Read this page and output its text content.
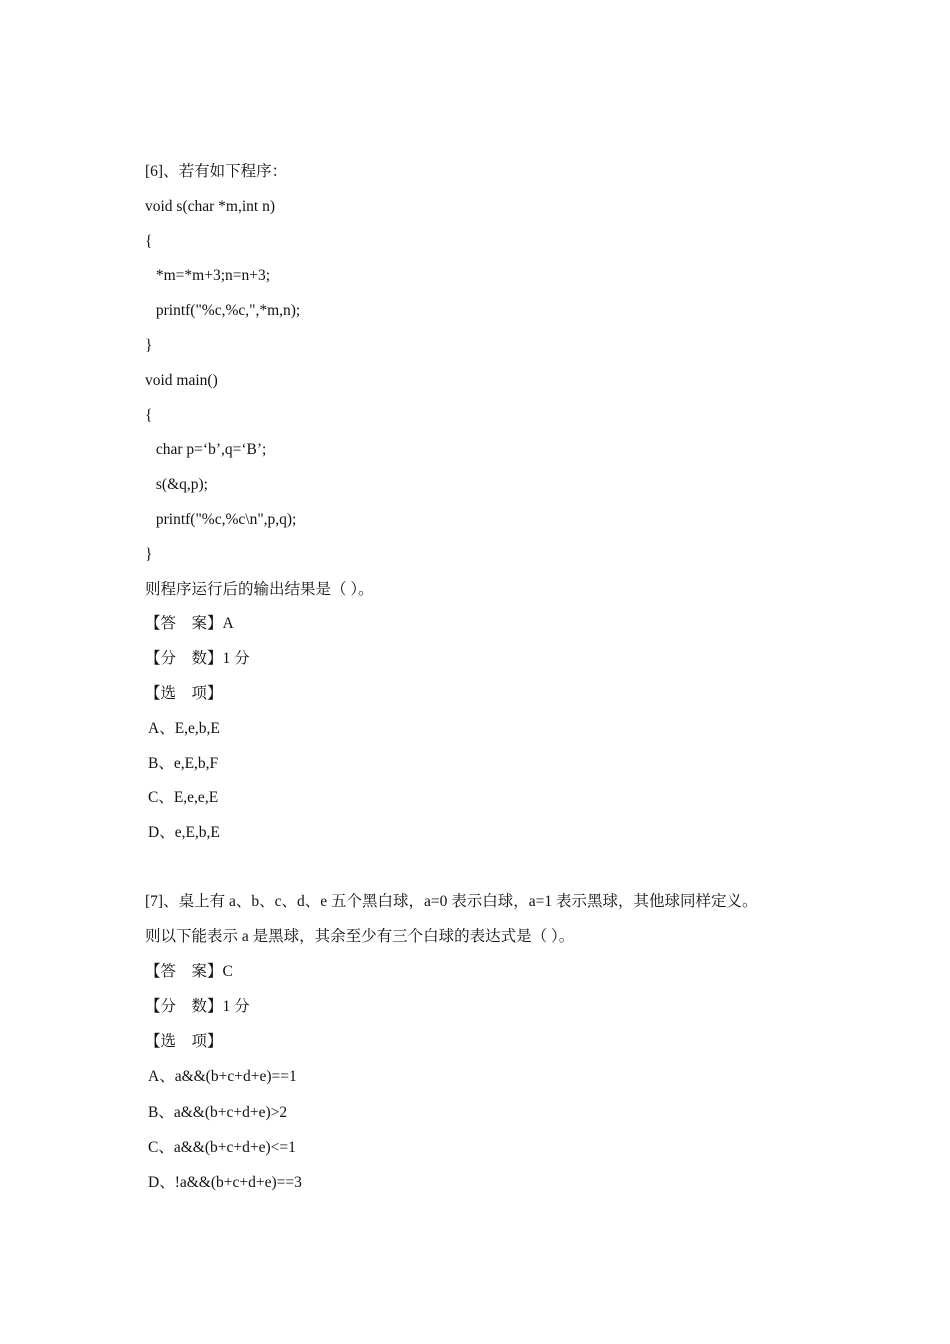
[6]、若有如下程序：
void s(char *m,int n)
{
*m=*m+3;n=n+3;
printf("%c,%c,",*m,n);
}
void main()
{
char p=‘b’,q=‘B’;
s(&q,p);
printf("%c,%c\n",p,q);
}
则程序运行后的输出结果是（ ）。
【答　案】A
【分　数】1 分
【选　项】
A、E,e,b,E
B、e,E,b,F
C、E,e,e,E
D、e,E,b,E
[7]、桌上有 a、b、c、d、e 五个黑白球，a=0 表示白球，a=1 表示黑球，其他球同样定义。
则以下能表示 a 是黑球，其余至少有三个白球的表达式是（ ）。
【答　案】C
【分　数】1 分
【选　项】
A、a&&(b+c+d+e)==1
B、a&&(b+c+d+e)>2
C、a&&(b+c+d+e)<=1
D、!a&&(b+c+d+e)==3
